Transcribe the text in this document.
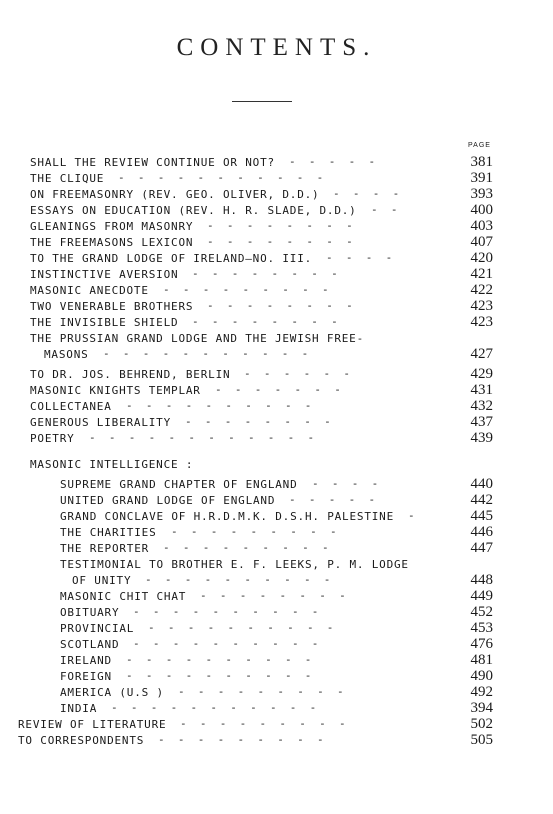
CONTENTS.
PAGE
SHALL THE REVIEW CONTINUE OR NOT?	381
-  -  -  -  -  
THE CLIQUE	391
-  -  -  -  -  -  -  -  -  -  -  
ON FREEMASONRY (REV. GEO. OLIVER, D.D.)	393
-  -  -  -  
ESSAYS ON EDUCATION (REV. H. R. SLADE, D.D.)	400
-  -  
GLEANINGS FROM MASONRY	403
-  -  -  -  -  -  -  -  
THE FREEMASONS LEXICON	407
-  -  -  -  -  -  -  -  
TO THE GRAND LODGE OF IRELAND—NO. III.	420
-  -  -  -  
INSTINCTIVE AVERSION	421
-  -  -  -  -  -  -  -  
MASONIC ANECDOTE	422
-  -  -  -  -  -  -  -  -  
TWO VENERABLE BROTHERS	423
-  -  -  -  -  -  -  -  
THE INVISIBLE SHIELD	423
-  -  -  -  -  -  -  -  
THE PRUSSIAN GRAND LODGE AND THE JEWISH FREE-
MASONS	427
-  -  -  -  -  -  -  -  -  -  -  
TO DR. JOS. BEHREND, BERLIN	429
-  -  -  -  -  -  
MASONIC KNIGHTS TEMPLAR	431
-  -  -  -  -  -  -  
COLLECTANEA	432
-  -  -  -  -  -  -  -  -  -  
GENEROUS LIBERALITY	437
-  -  -  -  -  -  -  -  
POETRY	439
-  -  -  -  -  -  -  -  -  -  -  -  
MASONIC INTELLIGENCE :
SUPREME GRAND CHAPTER OF ENGLAND	440
-  -  -  -  
UNITED GRAND LODGE OF ENGLAND	442
-  -  -  -  -  
GRAND CONCLAVE OF H.R.D.M.K. D.S.H. PALESTINE	445
-  
THE CHARITIES	446
-  -  -  -  -  -  -  -  -  
THE REPORTER	447
-  -  -  -  -  -  -  -  -  
TESTIMONIAL TO BROTHER E. F. LEEKS, P. M. LODGE
OF UNITY	448
-  -  -  -  -  -  -  -  -  -  
MASONIC CHIT CHAT	449
-  -  -  -  -  -  -  -  
OBITUARY	452
-  -  -  -  -  -  -  -  -  -  
PROVINCIAL	453
-  -  -  -  -  -  -  -  -  -  
SCOTLAND	476
-  -  -  -  -  -  -  -  -  -  
IRELAND	481
-  -  -  -  -  -  -  -  -  -  
FOREIGN	490
-  -  -  -  -  -  -  -  -  -  
AMERICA (U.S )	492
-  -  -  -  -  -  -  -  -  
INDIA	394
-  -  -  -  -  -  -  -  -  -  -  
REVIEW OF LITERATURE	502
-  -  -  -  -  -  -  -  -  
TO CORRESPONDENTS	505
-  -  -  -  -  -  -  -  -  
